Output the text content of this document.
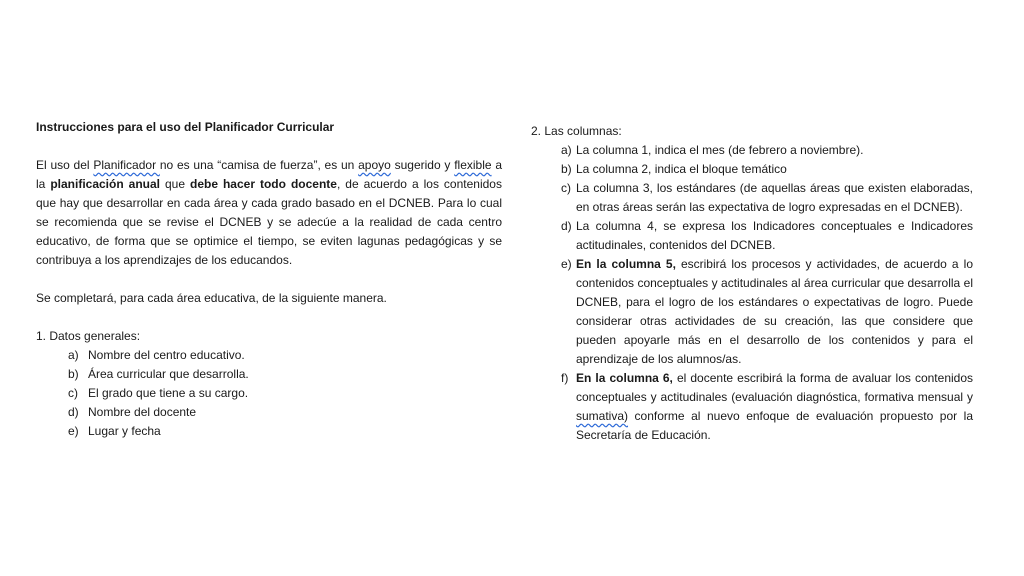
Instrucciones para el uso del Planificador Curricular

El uso del Planificador no es una “camisa de fuerza”, es un apoyo sugerido y flexible a la planificación anual que debe hacer todo docente, de acuerdo a los contenidos que hay que desarrollar en cada área y cada grado basado en el DCNEB. Para lo cual se recomienda que se revise el DCNEB y se adecúe a la realidad de cada centro educativo, de forma que se optimice el tiempo, se eviten lagunas pedagógicas y se contribuya a los aprendizajes de los educandos.

Se completará, para cada área educativa, de la siguiente manera.

1. Datos generales:

a) Nombre del centro educativo.
b) Área curricular que desarrolla.
c) El grado que tiene a su cargo.
d) Nombre del docente
e) Lugar y fecha

2. Las columnas:

a) La columna 1, indica el mes (de febrero a noviembre).
b) La columna 2, indica el bloque temático
c) La columna 3, los estándares (de aquellas áreas que existen elaboradas, en otras áreas serán las expectativa de logro expresadas en el DCNEB).
d) La columna 4, se expresa los Indicadores conceptuales e Indicadores actitudinales, contenidos del DCNEB.
e) En la columna 5, escribirá los procesos y actividades, de acuerdo a lo contenidos conceptuales y actitudinales al área curricular que desarrolla el DCNEB, para el logro de los estándares o expectativas de logro. Puede considerar otras actividades de su creación, las que considere que pueden apoyarle más en el desarrollo de los contenidos y para el aprendizaje de los alumnos/as.
f) En la columna 6, el docente escribirá la forma de avaluar los contenidos conceptuales y actitudinales (evaluación diagnóstica, formativa mensual y sumativa) conforme al nuevo enfoque de evaluación propuesto por la Secretaría de Educación.
